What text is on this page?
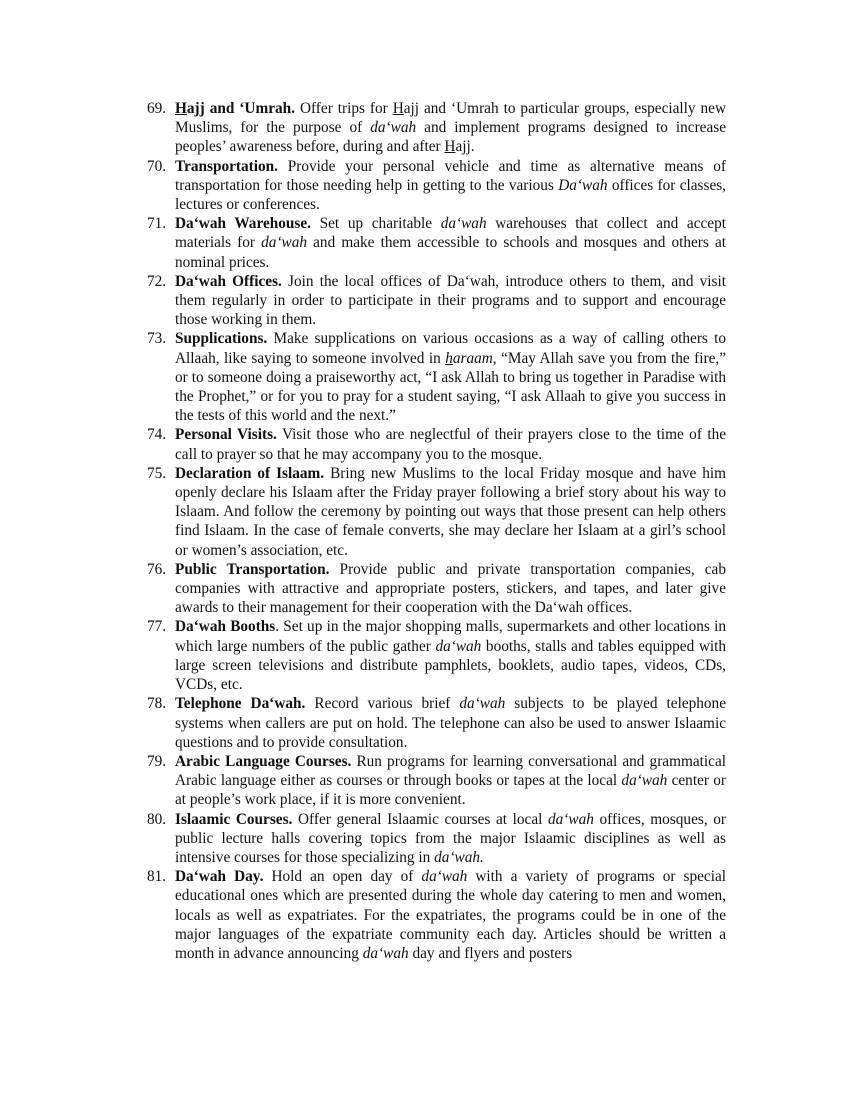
69. Hajj and ‘Umrah. Offer trips for Hajj and ‘Umrah to particular groups, especially new Muslims, for the purpose of da‘wah and implement programs designed to increase peoples’ awareness before, during and after Hajj.
70. Transportation. Provide your personal vehicle and time as alternative means of transportation for those needing help in getting to the various Da‘wah offices for classes, lectures or conferences.
71. Da‘wah Warehouse. Set up charitable da‘wah warehouses that collect and accept materials for da‘wah and make them accessible to schools and mosques and others at nominal prices.
72. Da‘wah Offices. Join the local offices of Da‘wah, introduce others to them, and visit them regularly in order to participate in their programs and to support and encourage those working in them.
73. Supplications. Make supplications on various occasions as a way of calling others to Allaah, like saying to someone involved in haraam, “May Allah save you from the fire,” or to someone doing a praiseworthy act, “I ask Allah to bring us together in Paradise with the Prophet,” or for you to pray for a student saying, “I ask Allaah to give you success in the tests of this world and the next.”
74. Personal Visits. Visit those who are neglectful of their prayers close to the time of the call to prayer so that he may accompany you to the mosque.
75. Declaration of Islaam. Bring new Muslims to the local Friday mosque and have him openly declare his Islaam after the Friday prayer following a brief story about his way to Islaam. And follow the ceremony by pointing out ways that those present can help others find Islaam. In the case of female converts, she may declare her Islaam at a girl’s school or women’s association, etc.
76. Public Transportation. Provide public and private transportation companies, cab companies with attractive and appropriate posters, stickers, and tapes, and later give awards to their management for their cooperation with the Da‘wah offices.
77. Da‘wah Booths. Set up in the major shopping malls, supermarkets and other locations in which large numbers of the public gather da‘wah booths, stalls and tables equipped with large screen televisions and distribute pamphlets, booklets, audio tapes, videos, CDs, VCDs, etc.
78. Telephone Da‘wah. Record various brief da‘wah subjects to be played telephone systems when callers are put on hold. The telephone can also be used to answer Islaamic questions and to provide consultation.
79. Arabic Language Courses. Run programs for learning conversational and grammatical Arabic language either as courses or through books or tapes at the local da‘wah center or at people’s work place, if it is more convenient.
80. Islaamic Courses. Offer general Islaamic courses at local da‘wah offices, mosques, or public lecture halls covering topics from the major Islaamic disciplines as well as intensive courses for those specializing in da‘wah.
81. Da‘wah Day. Hold an open day of da‘wah with a variety of programs or special educational ones which are presented during the whole day catering to men and women, locals as well as expatriates. For the expatriates, the programs could be in one of the major languages of the expatriate community each day. Articles should be written a month in advance announcing da‘wah day and flyers and posters
